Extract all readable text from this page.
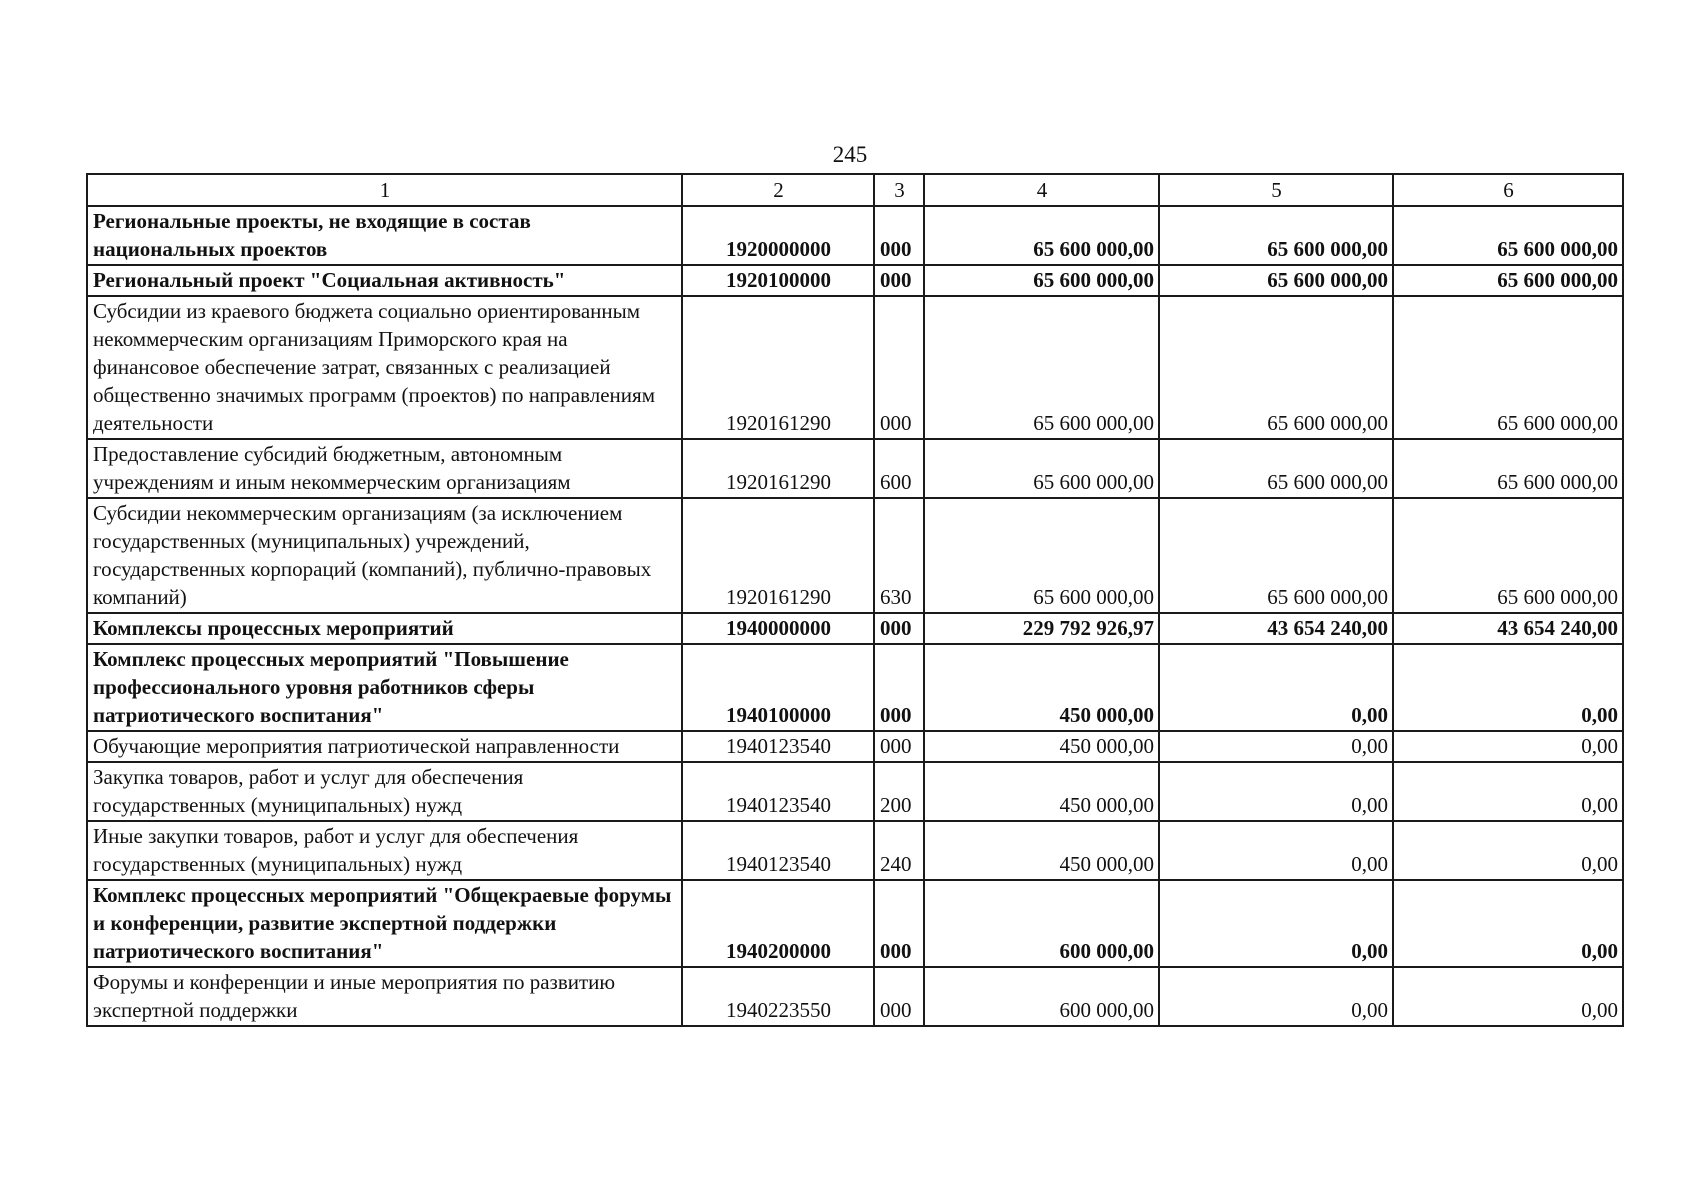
245
1	2	3	4	5	6
Региональные проекты, не входящие в состав национальных проектов	1920000000	000	65 600 000,00	65 600 000,00	65 600 000,00
Региональный проект "Социальная активность"	1920100000	000	65 600 000,00	65 600 000,00	65 600 000,00
Субсидии из краевого бюджета социально ориентированным некоммерческим организациям Приморского края на финансовое обеспечение затрат, связанных с реализацией общественно значимых программ (проектов) по направлениям деятельности	1920161290	000	65 600 000,00	65 600 000,00	65 600 000,00
Предоставление субсидий бюджетным, автономным учреждениям и иным некоммерческим организациям	1920161290	600	65 600 000,00	65 600 000,00	65 600 000,00
Субсидии некоммерческим организациям (за исключением государственных (муниципальных) учреждений, государственных корпораций (компаний), публично-правовых компаний)	1920161290	630	65 600 000,00	65 600 000,00	65 600 000,00
Комплексы процессных мероприятий	1940000000	000	229 792 926,97	43 654 240,00	43 654 240,00
Комплекс процессных мероприятий "Повышение профессионального уровня работников сферы патриотического воспитания"	1940100000	000	450 000,00	0,00	0,00
Обучающие мероприятия патриотической направленности	1940123540	000	450 000,00	0,00	0,00
Закупка товаров, работ и услуг для обеспечения государственных (муниципальных) нужд	1940123540	200	450 000,00	0,00	0,00
Иные закупки товаров, работ и услуг для обеспечения государственных (муниципальных) нужд	1940123540	240	450 000,00	0,00	0,00
Комплекс процессных мероприятий "Общекраевые форумы и конференции, развитие экспертной поддержки патриотического воспитания"	1940200000	000	600 000,00	0,00	0,00
Форумы и конференции и иные мероприятия по развитию экспертной поддержки	1940223550	000	600 000,00	0,00	0,00
